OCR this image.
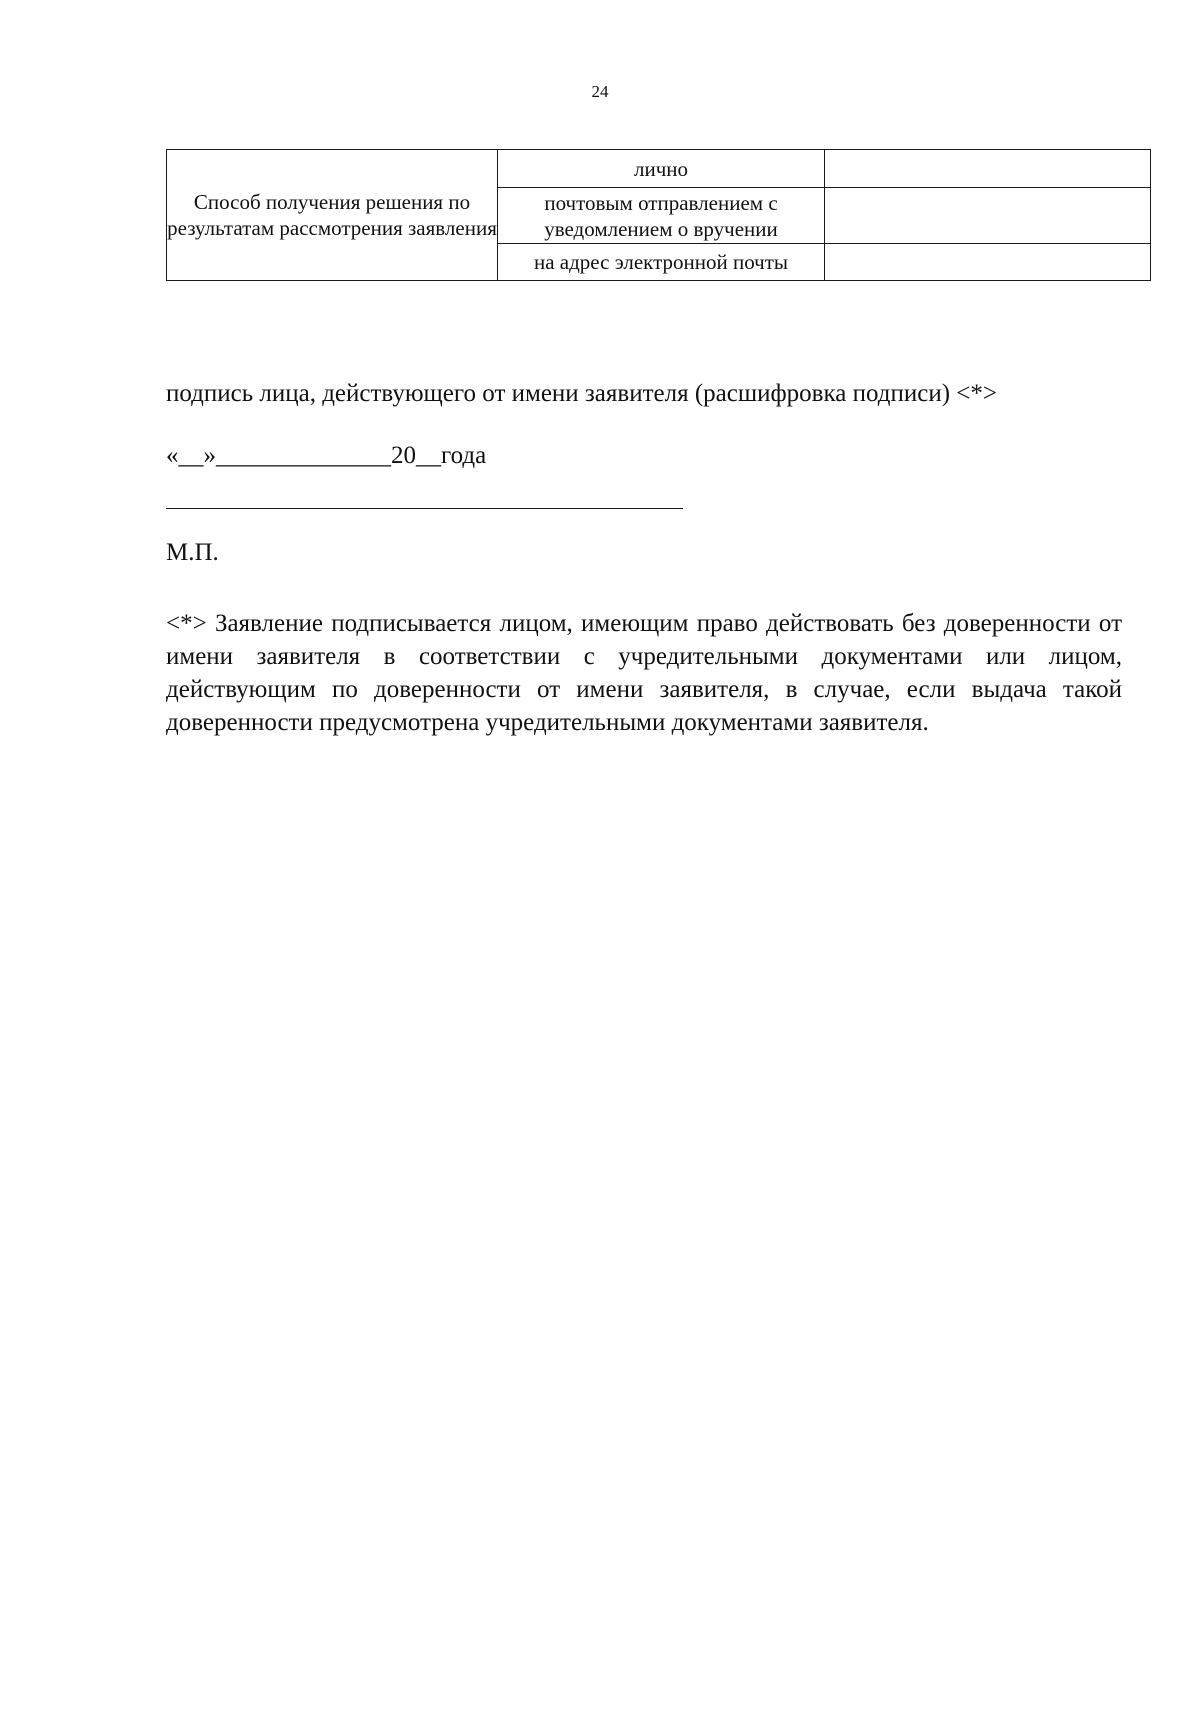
24
Способ получения решения по результатам рассмотрения заявления	лично	
	почтовым отправлением с уведомлением о вручении	
	на адрес электронной почты	
подпись лица, действующего от имени заявителя (расшифровка подписи) <*>
«__»______________20__года
М.П.
<*> Заявление подписывается лицом, имеющим право действовать без доверенности от имени заявителя в соответствии с учредительными документами или лицом, действующим по доверенности от имени заявителя, в случае, если выдача такой доверенности предусмотрена учредительными документами заявителя.
